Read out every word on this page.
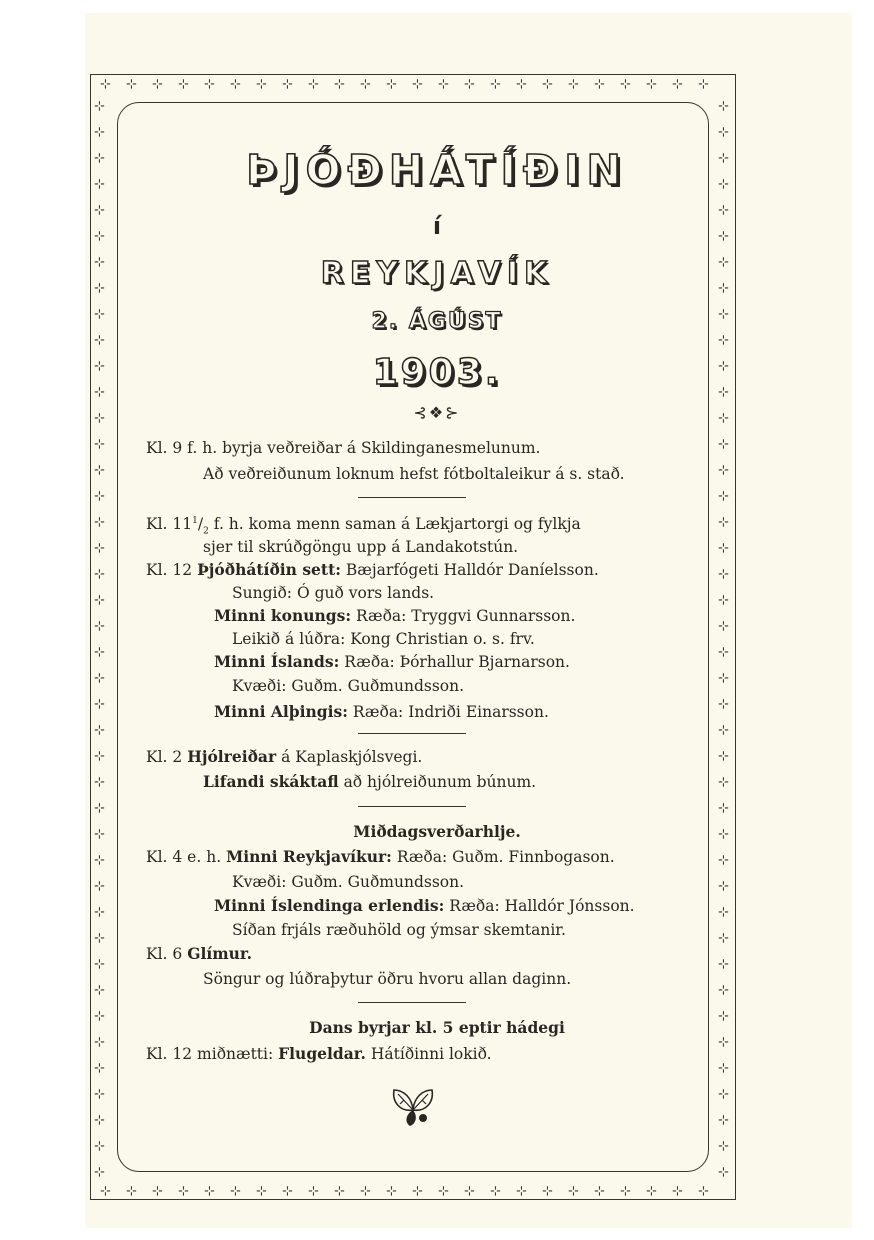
⊹
⊹
⊹
⊹
⊹
⊹
⊹
⊹
⊹
⊹
⊹
⊹
⊹
⊹
⊹
⊹
⊹
⊹
⊹
⊹
⊹
⊹
⊹
⊹
⊹
⊹
⊹
⊹
⊹
⊹
⊹
⊹
⊹
⊹
⊹
⊹
⊹
⊹
⊹
⊹
⊹
⊹
⊹
⊹
⊹
⊹
⊹
⊹
⊹	⊹
⊹	⊹
⊹	⊹
⊹	⊹
⊹	⊹
⊹	⊹
⊹	⊹
⊹	⊹
⊹	⊹
⊹	⊹
⊹	⊹
⊹	⊹
⊹	⊹
⊹	⊹
⊹	⊹
⊹	⊹
⊹	⊹
⊹	⊹
⊹	⊹
⊹	⊹
⊹	⊹
⊹	⊹
⊹	⊹
⊹	⊹
⊹	⊹
⊹	⊹
⊹	⊹
⊹	⊹
⊹	⊹
⊹	⊹
⊹	⊹
⊹	⊹
⊹	⊹
⊹	⊹
⊹	⊹
⊹	⊹
⊹	⊹
⊹	⊹
⊹	⊹
⊹	⊹
⊹	⊹
⊹	⊹
ÞJÓÐHÁTÍÐIN
í
REYKJAVÍK
2. ÁGÚST
1903.
⊰❖⊱
Kl. 9 f. h. byrja veðreiðar á Skildinganesmelunum.
Að veðreiðunum loknum hefst fótboltaleikur á s. stað.
Kl. $11^1/_2$ f. h. koma menn saman á Lækjartorgi og fylkja
sjer til skrúðgöngu upp á Landakotstún.
Kl. 12 Þjóðhátíðin sett: Bæjarfógeti Halldór Daníelsson.
Sungið: Ó guð vors lands.
Minni konungs: Ræða: Tryggvi Gunnarsson.
Leikið á lúðra: Kong Christian o. s. frv.
Minni Íslands: Ræða: Þórhallur Bjarnarson.
Kvæði: Guðm. Guðmundsson.
Minni Alþingis: Ræða: Indriði Einarsson.
Kl. 2 Hjólreiðar á Kaplaskjólsvegi.
Lifandi skáktafl að hjólreiðunum búnum.
Miðdagsverðarhlje.
Kl. 4 e. h. Minni Reykjavíkur: Ræða: Guðm. Finnbogason.
Kvæði: Guðm. Guðmundsson.
Minni Íslendinga erlendis: Ræða: Halldór Jónsson.
Síðan frjáls ræðuhöld og ýmsar skemtanir.
Kl. 6 Glímur.
Söngur og lúðraþytur öðru hvoru allan daginn.
Dans byrjar kl. 5 eptir hádegi
Kl. 12 miðnætti: Flugeldar. Hátíðinni lokið.
